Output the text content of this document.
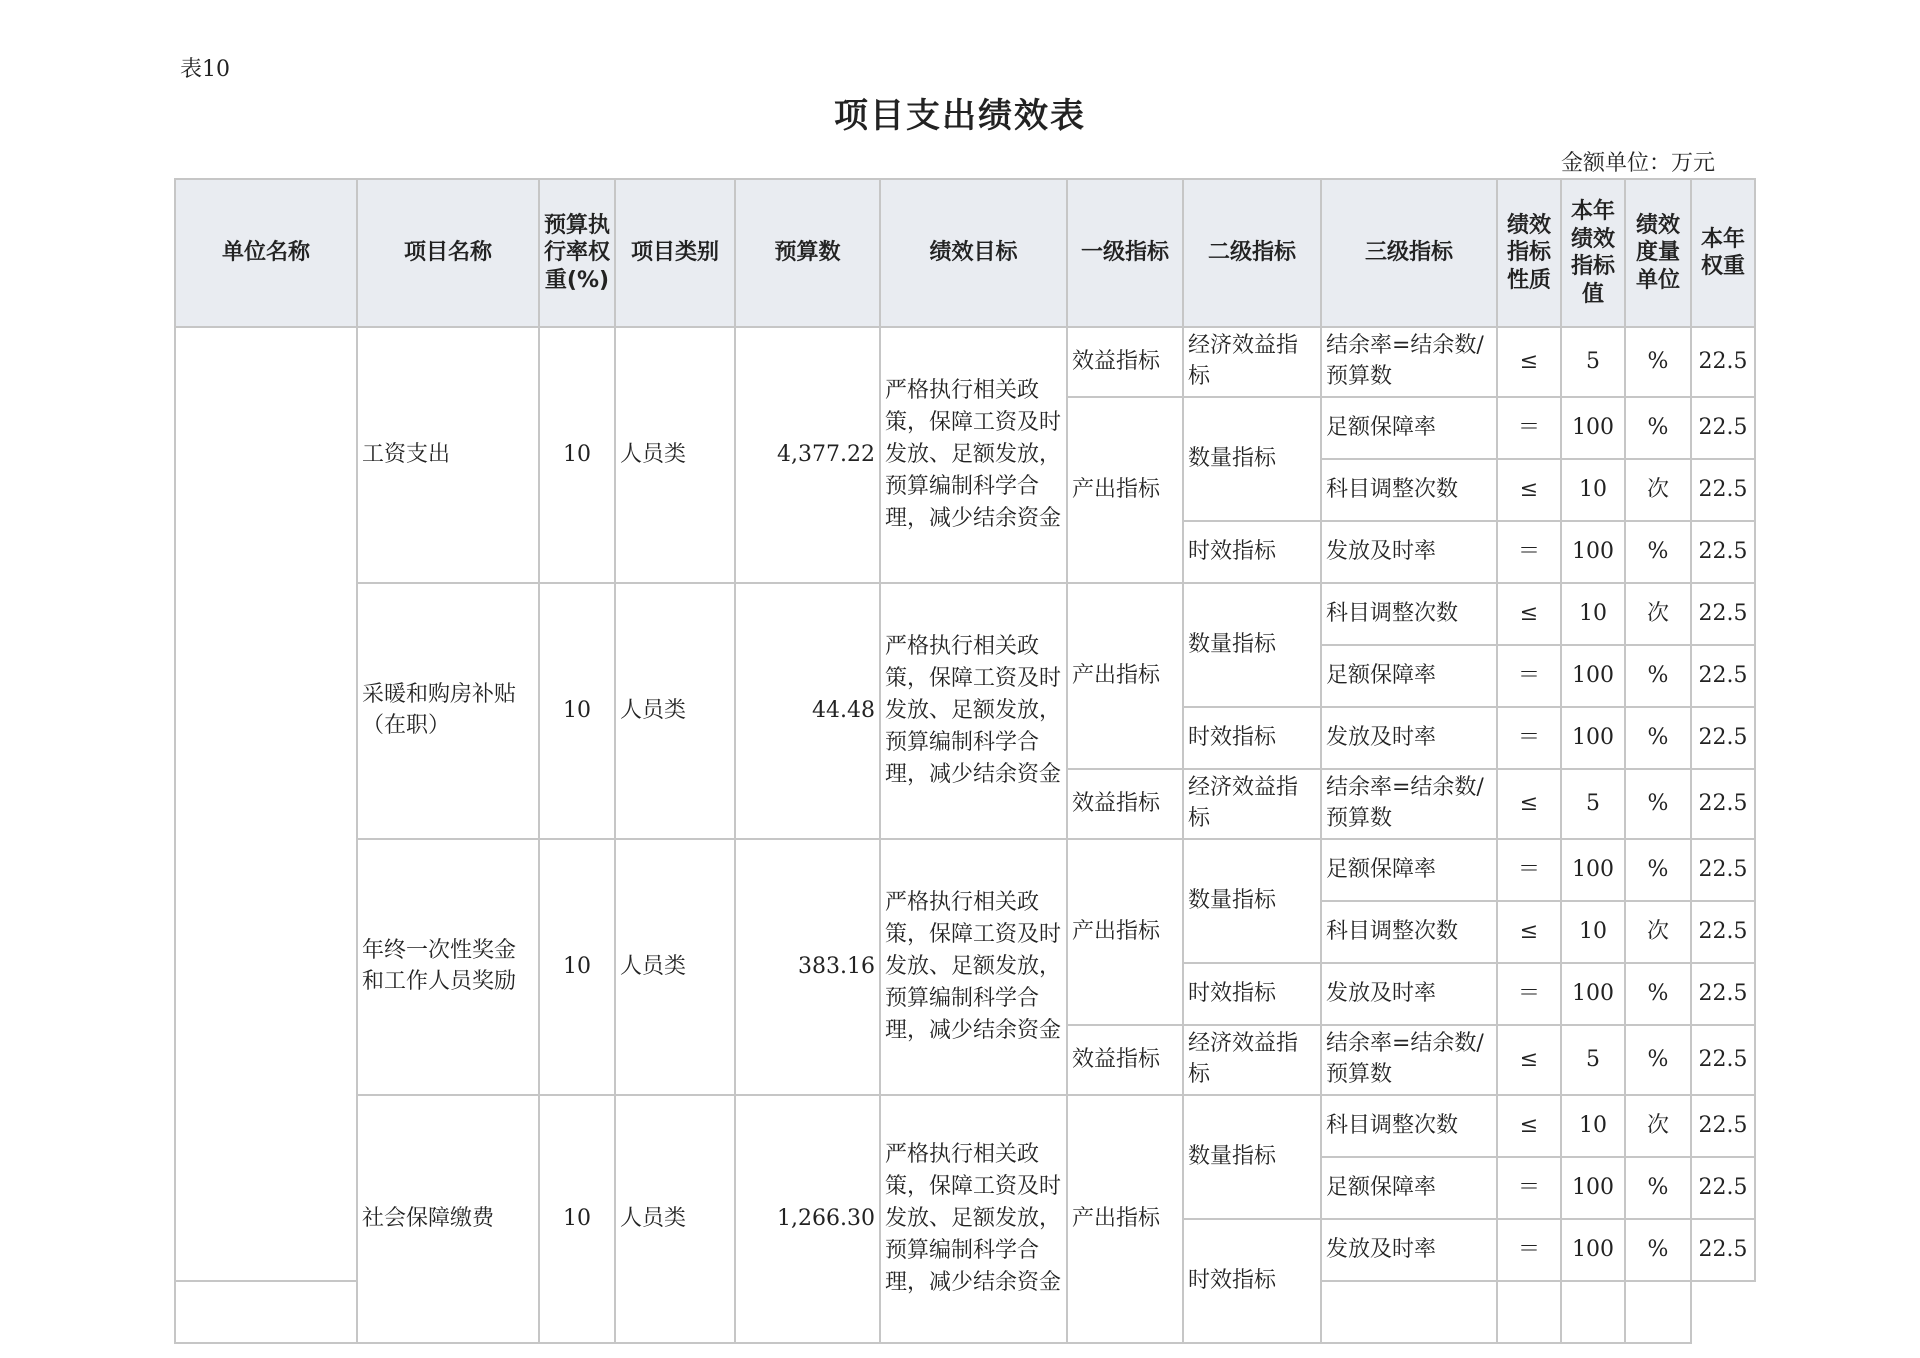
表10
项目支出绩效表
金额单位：万元
单位名称	项目名称	预算执行率权重(%)	项目类别	预算数	绩效目标	一级指标	二级指标	三级指标	绩效指标性质	本年绩效指标值	绩效度量单位	本年权重
	工资支出	10	人员类	4,377.22	严格执行相关政策，保障工资及时发放、足额发放，预算编制科学合理，减少结余资金	效益指标	经济效益指标	结余率=结余数/预算数	≤	5	%	22.5
						产出指标	数量指标	足额保障率	＝	100	%	22.5
								科目调整次数	≤	10	次	22.5
							时效指标	发放及时率	＝	100	%	22.5
	采暖和购房补贴（在职）	10	人员类	44.48	严格执行相关政策，保障工资及时发放、足额发放，预算编制科学合理，减少结余资金	产出指标	数量指标	科目调整次数	≤	10	次	22.5
								足额保障率	＝	100	%	22.5
							时效指标	发放及时率	＝	100	%	22.5
						效益指标	经济效益指标	结余率=结余数/预算数	≤	5	%	22.5
	年终一次性奖金和工作人员奖励	10	人员类	383.16	严格执行相关政策，保障工资及时发放、足额发放，预算编制科学合理，减少结余资金	产出指标	数量指标	足额保障率	＝	100	%	22.5
								科目调整次数	≤	10	次	22.5
							时效指标	发放及时率	＝	100	%	22.5
						效益指标	经济效益指标	结余率=结余数/预算数	≤	5	%	22.5
	社会保障缴费	10	人员类	1,266.30	严格执行相关政策，保障工资及时发放、足额发放，预算编制科学合理，减少结余资金	产出指标	数量指标	科目调整次数	≤	10	次	22.5
								足额保障率	＝	100	%	22.5
							时效指标	发放及时率	＝	100	%	22.5
